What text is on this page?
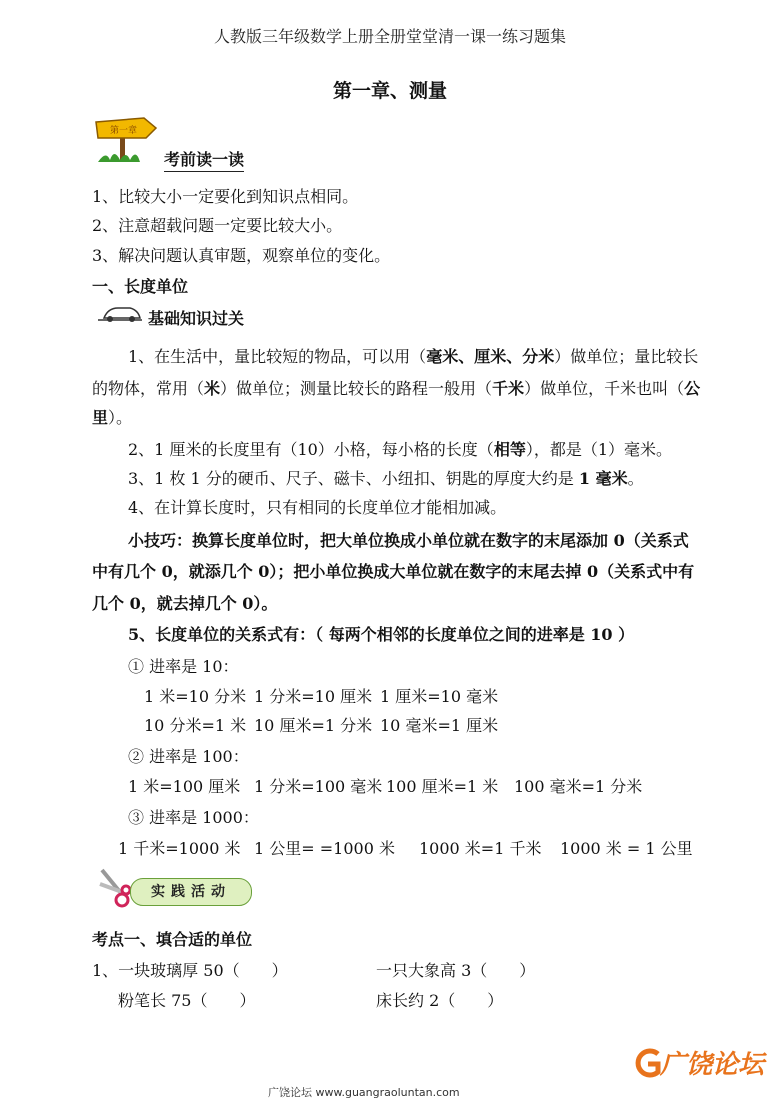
人教版三年级数学上册全册堂堂清一课一练习题集
第一章、测量
第一章
考前读一读
1、比较大小一定要化到知识点相同。
2、注意超载问题一定要比较大小。
3、解决问题认真审题，观察单位的变化。
一、长度单位
基础知识过关
1、在生活中，量比较短的物品，可以用（毫米、厘米、分米）做单位；量比较长
的物体，常用（米）做单位；测量比较长的路程一般用（千米）做单位，千米也叫（公
里）。
2、1 厘米的长度里有（10）小格，每小格的长度（相等），都是（1）毫米。
3、1 枚 1 分的硬币、尺子、磁卡、小纽扣、钥匙的厚度大约是 1 毫米。
4、在计算长度时，只有相同的长度单位才能相加减。
小技巧：换算长度单位时，把大单位换成小单位就在数字的末尾添加 0（关系式
中有几个 0，就添几个 0）；把小单位换成大单位就在数字的末尾去掉 0（关系式中有
几个 0，就去掉几个 0）。
5、长度单位的关系式有：（ 每两个相邻的长度单位之间的进率是 10 ）
① 进率是 10：
1 米=10 分米 1 分米=10 厘米 1 厘米=10 毫米
10 分米=1 米 10 厘米=1 分米 10 毫米=1 厘米
② 进率是 100：
1 米=100 厘米 1 分米=100 毫米 100 厘米=1 米 100 毫米=1 分米
③ 进率是 1000：
1 千米=1000 米 1 公里= =1000 米 1000 米=1 千米 1000 米 = 1 公里
实践活动
考点一、填合适的单位
1、一块玻璃厚 50（　　）	一只大象高 3（　　）
粉笔长 75（　　）	床长约 2（　　）
广饶论坛
广饶论坛 www.guangraoluntan.com
